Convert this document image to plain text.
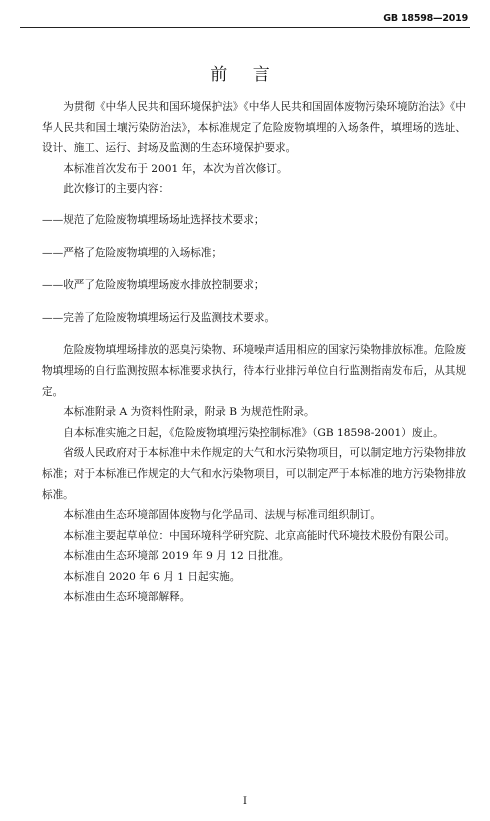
GB 18598—2019
前 言

为贯彻《中华人民共和国环境保护法》《中华人民共和国固体废物污染环境防治法》《中华人民共和国土壤污染防治法》，本标准规定了危险废物填埋的入场条件，填埋场的选址、设计、施工、运行、封场及监测的生态环境保护要求。

本标准首次发布于 2001 年，本次为首次修订。

此次修订的主要内容：

——规范了危险废物填埋场场址选择技术要求；

——严格了危险废物填埋的入场标准；

——收严了危险废物填埋场废水排放控制要求；

——完善了危险废物填埋场运行及监测技术要求。

危险废物填埋场排放的恶臭污染物、环境噪声适用相应的国家污染物排放标准。危险废物填埋场的自行监测按照本标准要求执行，待本行业排污单位自行监测指南发布后，从其规定。

本标准附录 A 为资料性附录，附录 B 为规范性附录。

自本标准实施之日起，《危险废物填埋污染控制标准》（GB 18598-2001）废止。

省级人民政府对于本标准中未作规定的大气和水污染物项目，可以制定地方污染物排放标准；对于本标准已作规定的大气和水污染物项目，可以制定严于本标准的地方污染物排放标准。

本标准由生态环境部固体废物与化学品司、法规与标准司组织制订。

本标准主要起草单位：中国环境科学研究院、北京高能时代环境技术股份有限公司。

本标准由生态环境部 2019 年 9 月 12 日批准。

本标准自 2020 年 6 月 1 日起实施。

本标准由生态环境部解释。

I
